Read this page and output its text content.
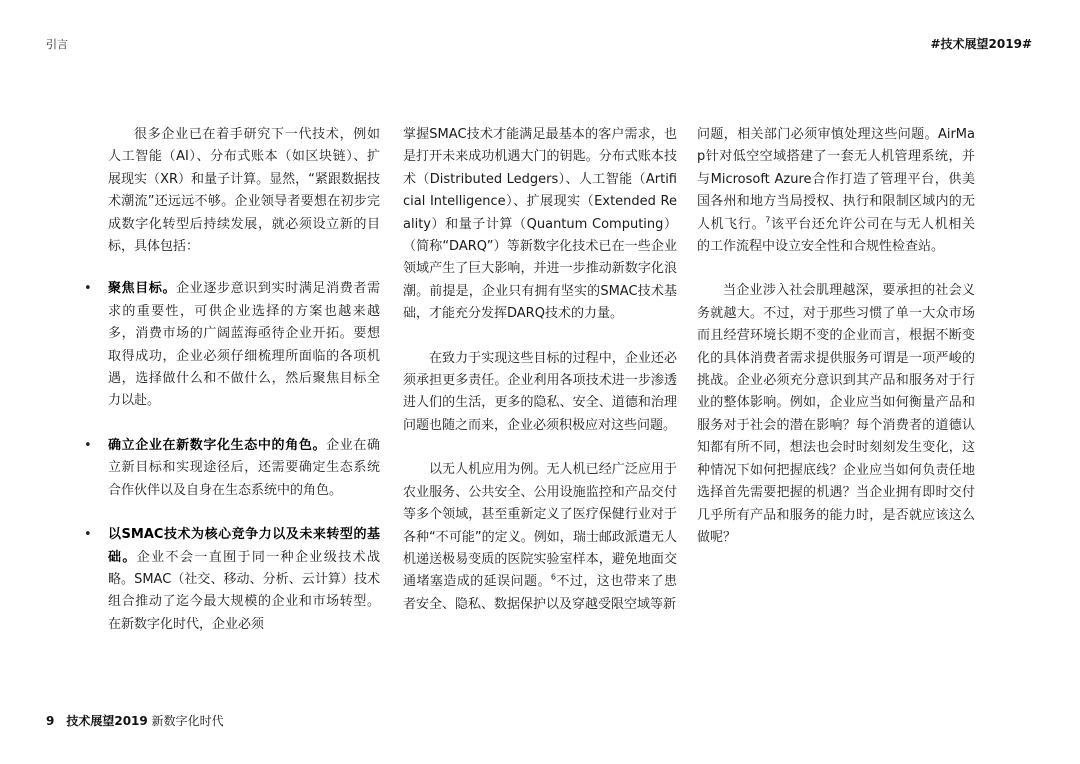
引言	#技术展望2019#

很多企业已在着手研究下一代技术，例如人工智能（AI）、分布式账本（如区块链）、扩展现实（XR）和量子计算。显然，“紧跟数据技术潮流”还远远不够。企业领导者要想在初步完成数字化转型后持续发展，就必须设立新的目标，具体包括：

• 聚焦目标。企业逐步意识到实时满足消费者需求的重要性，可供企业选择的方案也越来越多，消费市场的广阔蓝海亟待企业开拓。要想取得成功，企业必须仔细梳理所面临的各项机遇，选择做什么和不做什么，然后聚焦目标全力以赴。
• 确立企业在新数字化生态中的角色。企业在确立新目标和实现途径后，还需要确定生态系统合作伙伴以及自身在生态系统中的角色。
• 以SMAC技术为核心竞争力以及未来转型的基础。企业不会一直囿于同一种企业级技术战略。SMAC（社交、移动、分析、云计算）技术组合推动了迄今最大规模的企业和市场转型。在新数字化时代，企业必须

掌握SMAC技术才能满足最基本的客户需求，也是打开未来成功机遇大门的钥匙。分布式账本技术（Distributed Ledgers）、人工智能（Artificial Intelligence）、扩展现实（Extended Reality）和量子计算（Quantum Computing）（简称“DARQ”）等新数字化技术已在一些企业领域产生了巨大影响，并进一步推动新数字化浪潮。前提是，企业只有拥有坚实的SMAC技术基础，才能充分发挥DARQ技术的力量。

在致力于实现这些目标的过程中，企业还必须承担更多责任。企业利用各项技术进一步渗透进人们的生活，更多的隐私、安全、道德和治理问题也随之而来，企业必须积极应对这些问题。

以无人机应用为例。无人机已经广泛应用于农业服务、公共安全、公用设施监控和产品交付等多个领域，甚至重新定义了医疗保健行业对于各种“不可能”的定义。例如，瑞士邮政派遣无人机递送极易变质的医院实验室样本，避免地面交通堵塞造成的延误问题。$^6$不过，这也带来了患者安全、隐私、数据保护以及穿越受限空域等新

问题，相关部门必须审慎处理这些问题。AirMap针对低空空域搭建了一套无人机管理系统，并与Microsoft Azure合作打造了管理平台，供美国各州和地方当局授权、执行和限制区域内的无人机飞行。$^7$该平台还允许公司在与无人机相关的工作流程中设立安全性和合规性检查站。

当企业涉入社会肌理越深，要承担的社会义务就越大。不过，对于那些习惯了单一大众市场而且经营环境长期不变的企业而言，根据不断变化的具体消费者需求提供服务可谓是一项严峻的挑战。企业必须充分意识到其产品和服务对于行业的整体影响。例如，企业应当如何衡量产品和服务对于社会的潜在影响？每个消费者的道德认知都有所不同，想法也会时时刻刻发生变化，这种情况下如何把握底线？企业应当如何负责任地选择首先需要把握的机遇？当企业拥有即时交付几乎所有产品和服务的能力时，是否就应该这么做呢？

9 技术展望2019 新数字化时代
